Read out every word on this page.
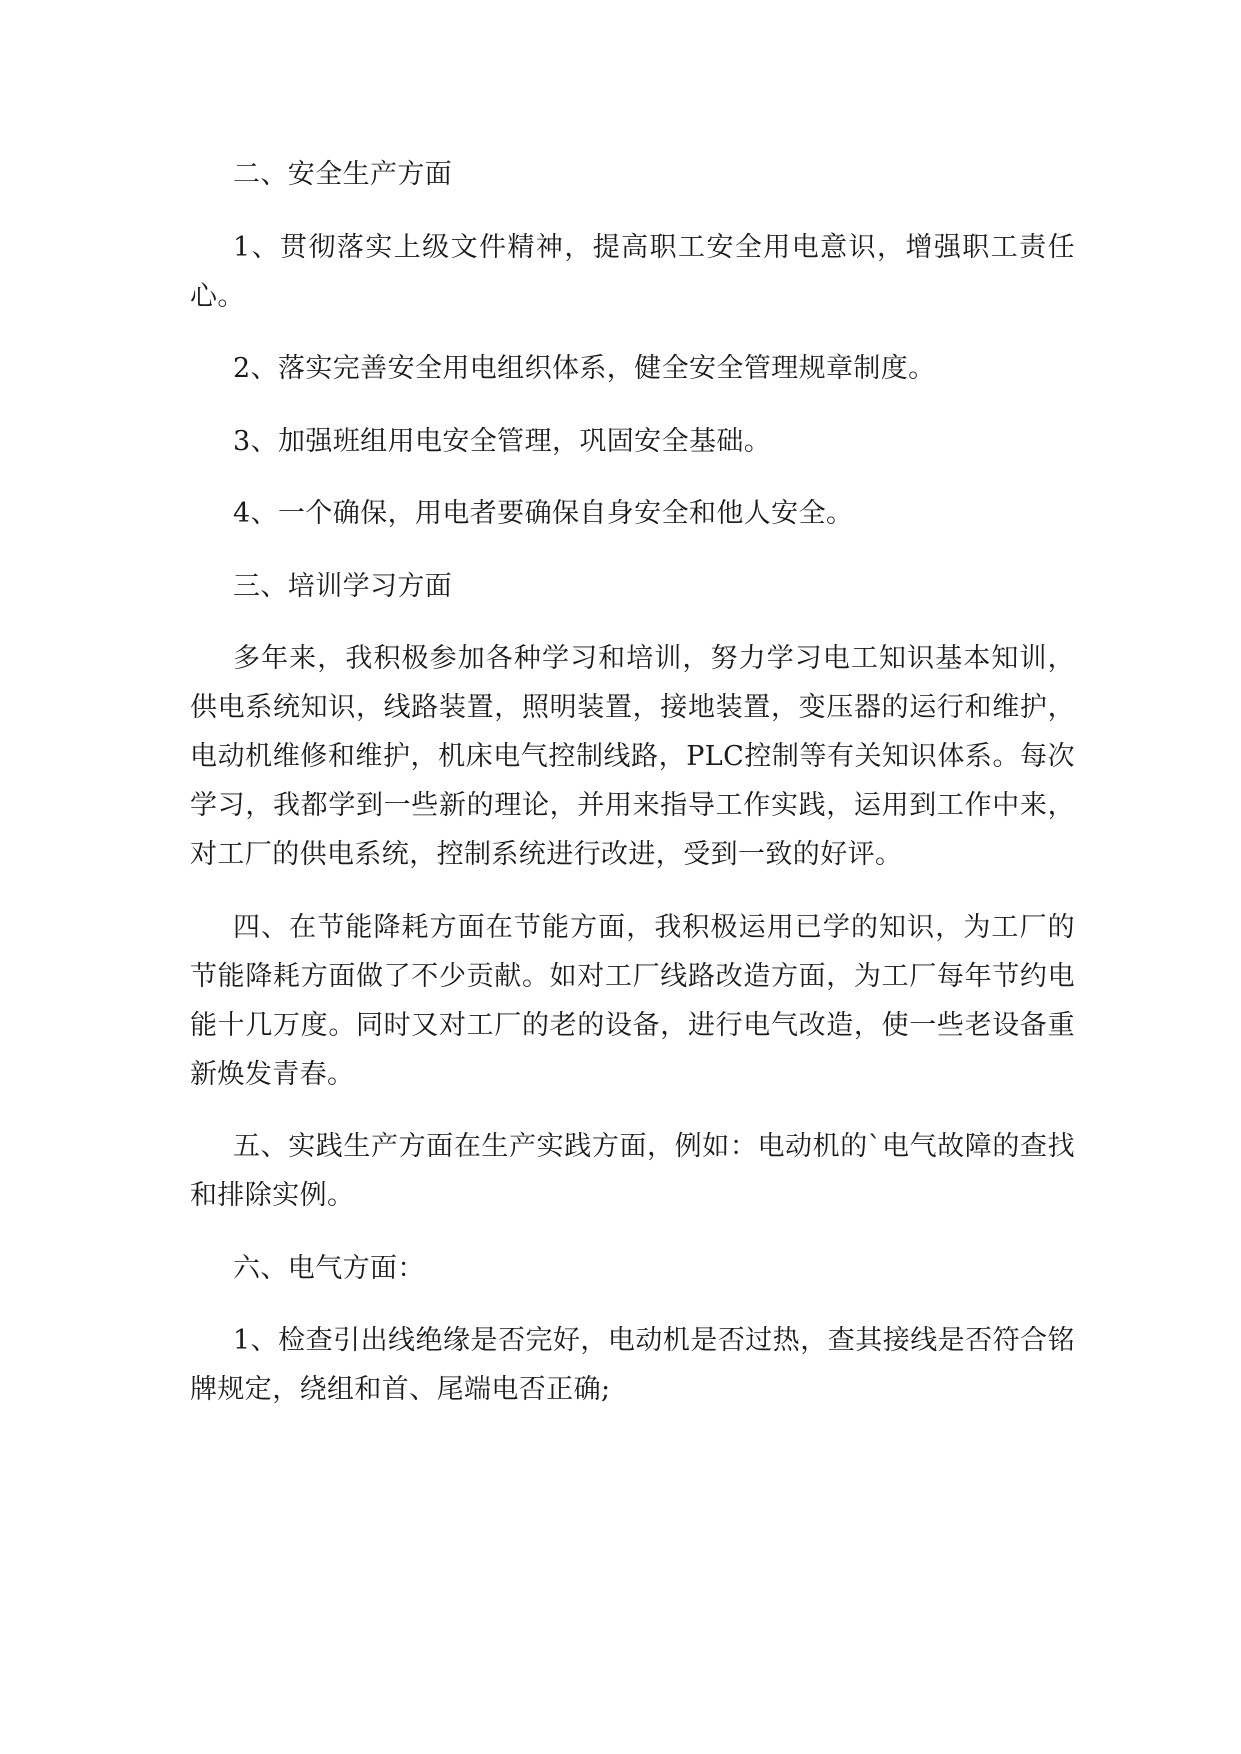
二、安全生产方面

1、贯彻落实上级文件精神，提高职工安全用电意识，增强职工责任心。

2、落实完善安全用电组织体系，健全安全管理规章制度。

3、加强班组用电安全管理，巩固安全基础。

4、一个确保，用电者要确保自身安全和他人安全。

三、培训学习方面

多年来，我积极参加各种学习和培训，努力学习电工知识基本知训，供电系统知识，线路装置，照明装置，接地装置，变压器的运行和维护，电动机维修和维护，机床电气控制线路，PLC控制等有关知识体系。每次学习，我都学到一些新的理论，并用来指导工作实践，运用到工作中来，对工厂的供电系统，控制系统进行改进，受到一致的好评。

四、在节能降耗方面在节能方面，我积极运用已学的知识，为工厂的节能降耗方面做了不少贡献。如对工厂线路改造方面，为工厂每年节约电能十几万度。同时又对工厂的老的设备，进行电气改造，使一些老设备重新焕发青春。

五、实践生产方面在生产实践方面，例如：电动机的`电气故障的查找和排除实例。

六、电气方面：

1、检查引出线绝缘是否完好，电动机是否过热，查其接线是否符合铭牌规定，绕组和首、尾端电否正确;
